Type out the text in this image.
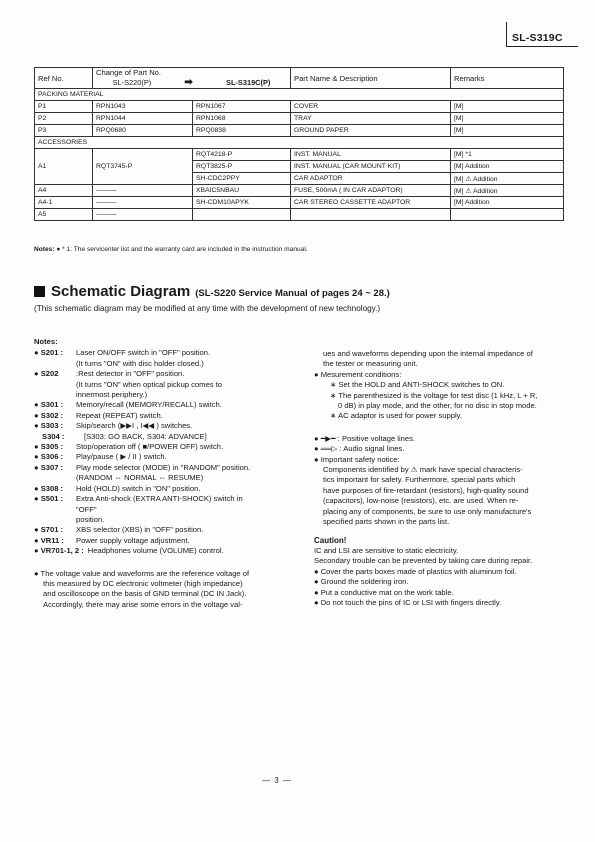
SL-S319C
Ref No.	Change of Part No.		Part Name & Description	Remarks

	SL-S220(P) ➡ SL-S319C(P)			

PACKING MATERIAL				
P1	RPN1043	RPN1067	COVER	[M]
P2	RPN1044	RPN1068	TRAY	[M]
P3	RPQ0680	RPQ0838	GROUND PAPER	[M]
ACCESSORIES				
A1	RQT3745-P	RQT4218-P	INST. MANUAL	[M] *1
		RQT3825-P	INST. MANUAL (CAR MOUNT KIT)	[M] Addition
		SH-CDC2PPY	CAR ADAPTOR	[M] ⚠ Addition
A4	———	XBAIC5NBAU	FUSE, 500mA ( IN CAR ADAPTOR)	[M] ⚠ Addition
A4-1	———	SH-CDM10APYK	CAR STEREO CASSETTE ADAPTOR	[M] Addition
A5	———			
Notes: ● * 1: The servicenter list and the warranty card are included in the instruction manual.
Schematic Diagram (SL-S220 Service Manual of pages 24 ~ 28.)
(This schematic diagram may be modified at any time with the development of new technology.)
Notes:
● S201 :	Laser ON/OFF switch in "OFF" position.
(It turns "ON" with disc holder closed.)
● S202	:Rest detector in "OFF" position.
(It turns "ON" when optical pickup comes to
innermost periphery.)
● S301 :	Memory/recall (MEMORY/RECALL) switch.
● S302 :	Repeat (REPEAT) switch.
● S303 :	Skip/search (▶▶I , I◀◀ ) switches.
S304 :	[S303: GO BACK, S304: ADVANCE]
● S305 :	Stop/operation off ( ■/POWER OFF) switch.
● S306 :	Play/pause ( ▶ / II ) switch.
● S307 :	Play mode selector (MODE) in "RANDOM" position.
(RANDOM ⇔ NORMAL ⇔ RESUME)
● S308 :	Hold (HOLD) switch in "ON" position.
● S501 :	Extra Anti-shock (EXTRA ANTI-SHOCK) switch in
"OFF"
position.
● S701 :	XBS selector (XBS) in "OFF" position.
● VR11 :	Power supply voltage adjustment.
● VR701-1, 2 : Headphones volume (VOLUME) control.
● The voltage value and waveforms are the reference voltage of
this measured by DC electronic voltmeter (high impedance)
and oscilloscope on the basis of GND terminal (DC IN Jack).
Accordingly, there may arise some errors in the voltage val-
ues and waveforms depending upon the internal impedance of
the tester or measuring unit.
● Mesurement conditions:
∗ Set the HOLD and ANTI-SHOCK switches to ON.
∗ The parenthesized is the voltage for test disc (1 kHz, L + R,
0 dB) in play mode, and the other, for no disc in stop mode.
∗ AC adaptor is used for power supply.
● ━▶━ : Positive voltage lines.
● ══▷ : Audio signal lines.
● Important safety notice:
Components identified by ⚠ mark have special characteris-
tics important for safety. Furthermore, special parts which
have purposes of fire-retardant (resistors), high-quality sound
(capacitors), low-noise (resistors), etc. are used. When re-
placing any of components, be sure to use only manufacture's
specified parts shown in the parts list.
Caution!
IC and LSI are sensitive to static electricity.
Secondary trouble can be prevented by taking care during repair.
● Cover the parts boxes made of plastics with aluminum foil.
● Ground the soldering iron.
● Put a conductive mat on the work table.
● Do not touch the pins of IC or LSI with fingers directly.
— 3 —
